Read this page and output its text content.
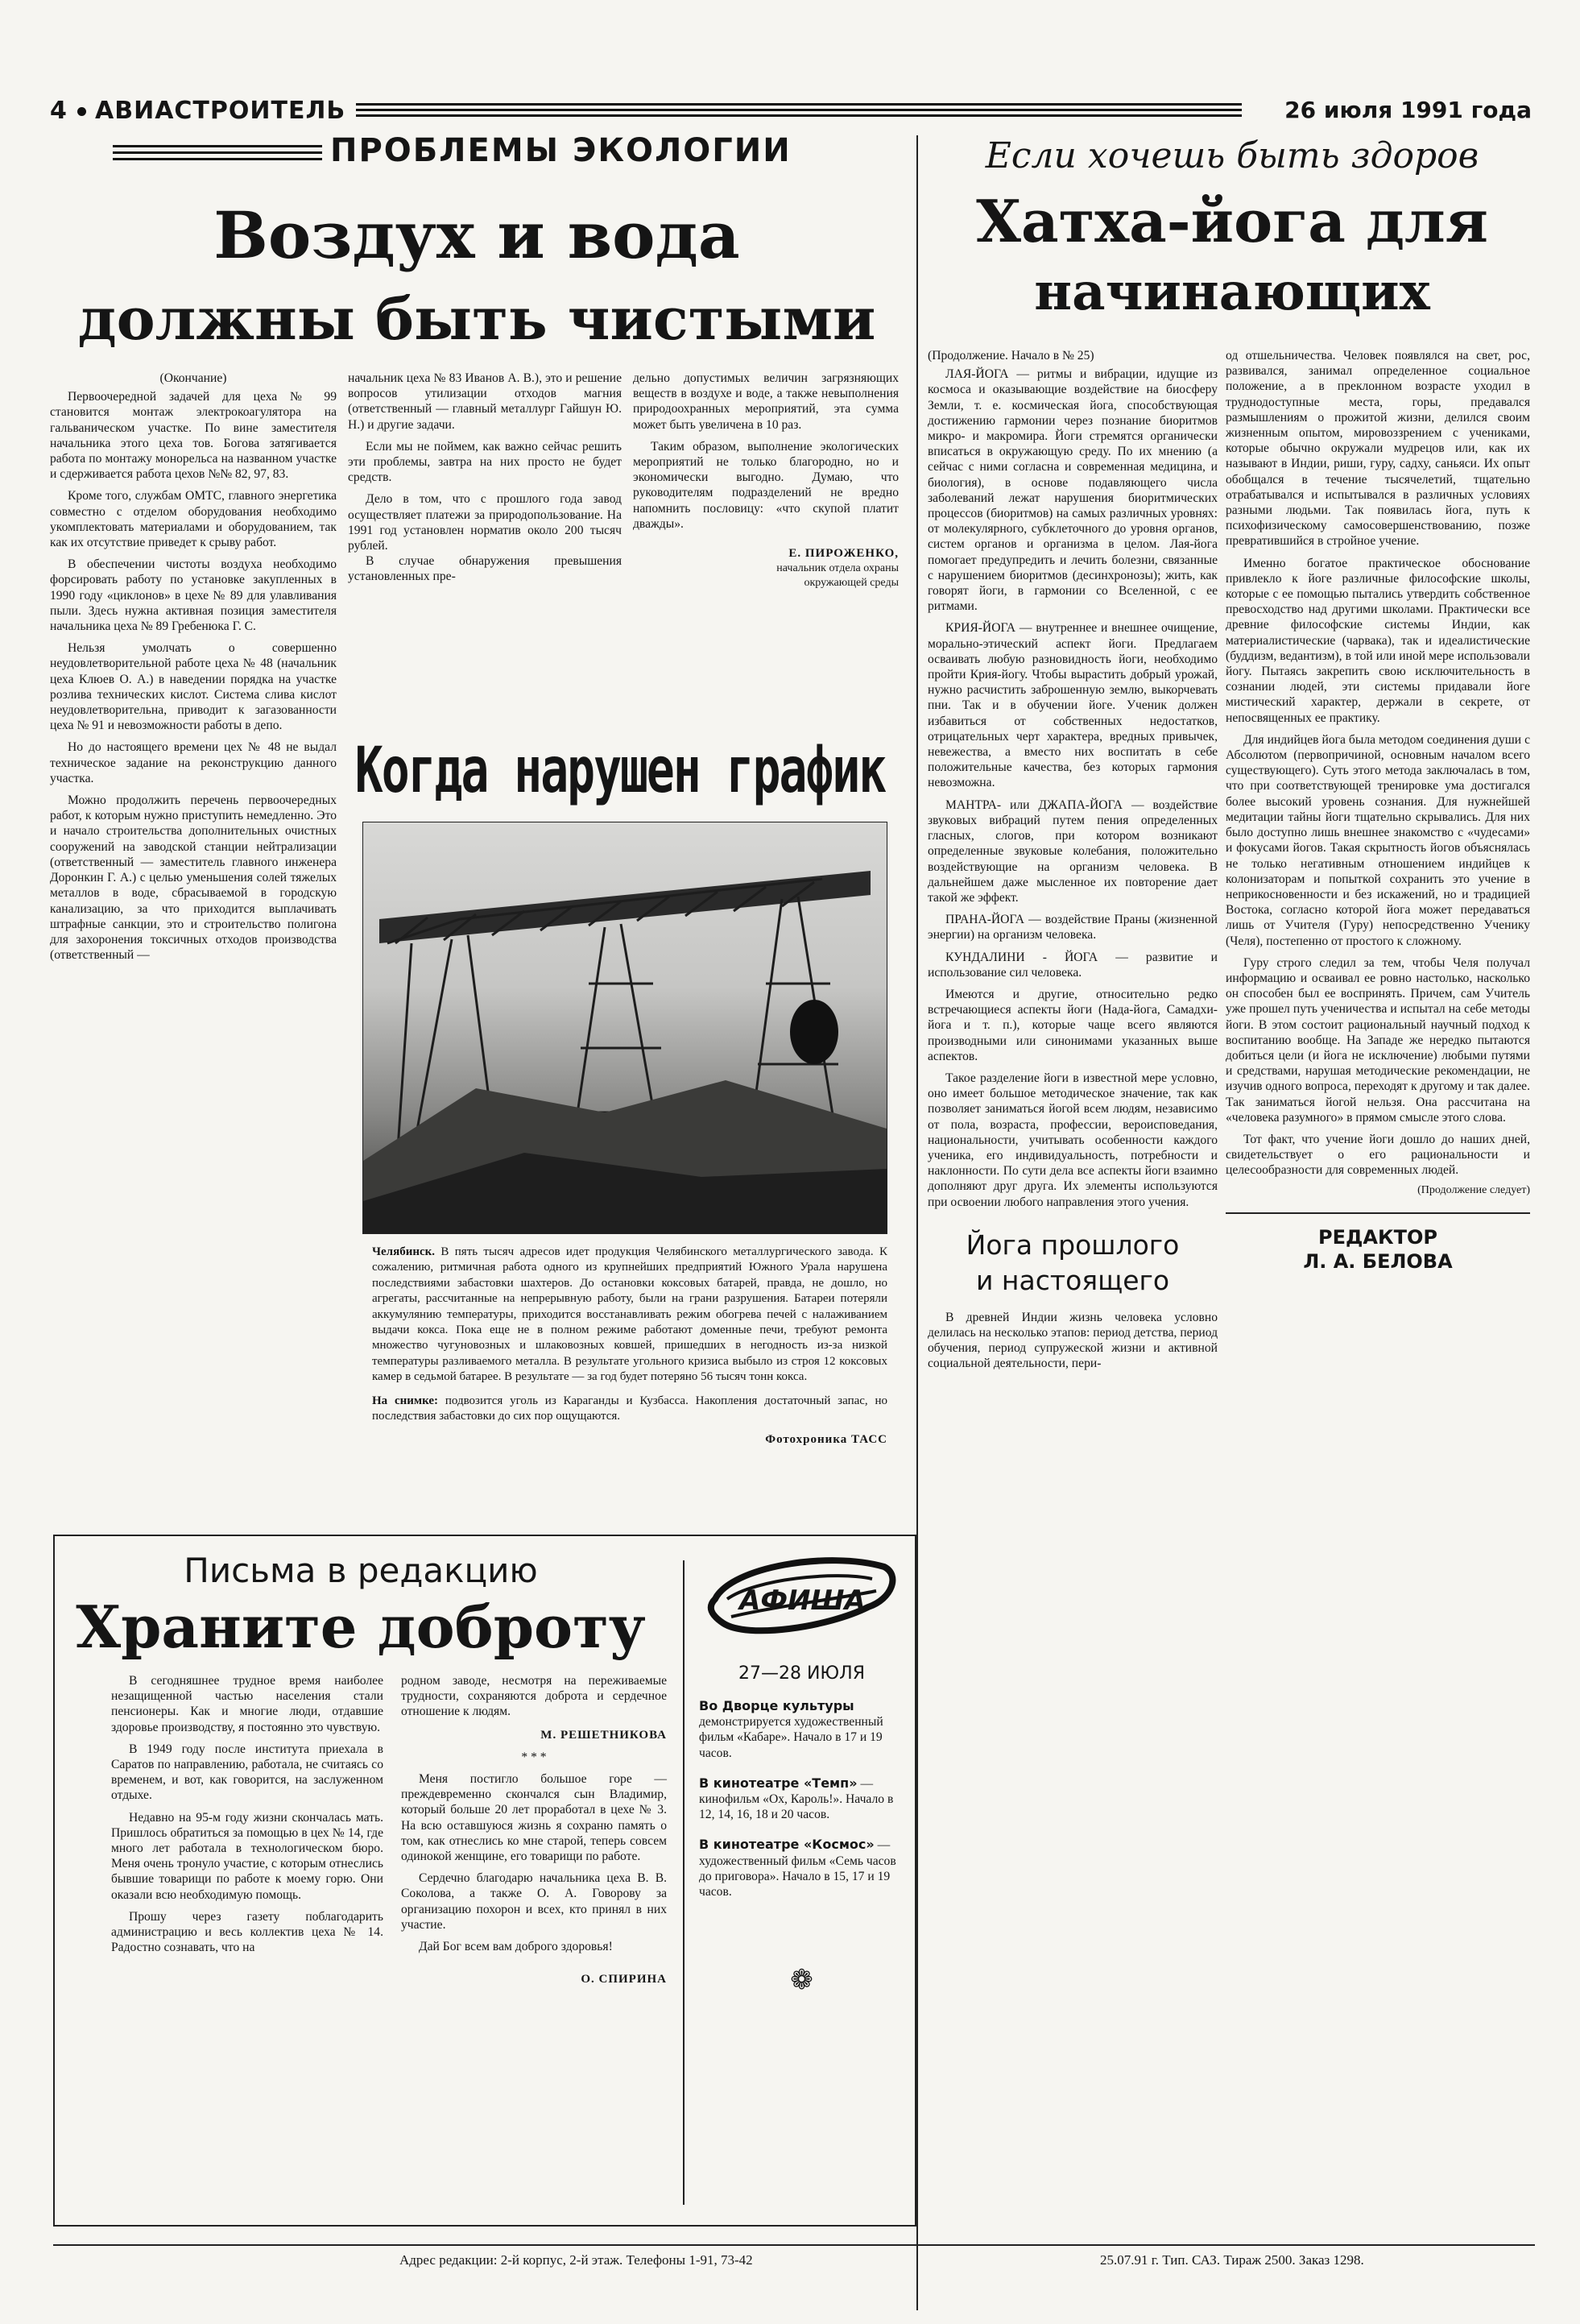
4 АВИАСТРОИТЕЛЬ	26 июля 1991 года
ПРОБЛЕМЫ ЭКОЛОГИИ
Воздух и вода
должны быть чистыми

(Окончание)

Первоочередной задачей для цеха № 99 становится монтаж электрокоагулятора на гальваническом участке. По вине заместителя начальника этого цеха тов. Богова затягивается работа по монтажу монорельса на названном участке и сдерживается работа цехов №№ 82, 97, 83.

Кроме того, службам ОМТС, главного энергетика совместно с отделом оборудования необходимо укомплектовать материалами и оборудованием, так как их отсутствие приведет к срыву работ.

В обеспечении чистоты воздуха необходимо форсировать работу по установке закупленных в 1990 году «циклонов» в цехе № 89 для улавливания пыли. Здесь нужна активная позиция заместителя начальника цеха № 89 Гребенюка Г. С.

Нельзя умолчать о совершенно неудовлетворительной работе цеха № 48 (начальник цеха Клюев О. А.) в наведении порядка на участке розлива технических кислот. Система слива кислот неудовлетворительна, приводит к загазованности цеха № 91 и невозможности работы в депо.

Но до настоящего времени цех № 48 не выдал техническое задание на реконструкцию данного участка.

Можно продолжить перечень первоочередных работ, к которым нужно приступить немедленно. Это и начало строительства дополнительных очистных сооружений на заводской станции нейтрализации (ответственный — заместитель главного инженера Доронкин Г. А.) с целью уменьшения солей тяжелых металлов в воде, сбрасываемой в городскую канализацию, за что приходится выплачивать штрафные санкции, это и строительство полигона для захоронения токсичных отходов производства (ответственный —

начальник цеха № 83 Иванов А. В.), это и решение вопросов утилизации отходов магния (ответственный — главный металлург Гайшун Ю. Н.) и другие задачи.

Если мы не поймем, как важно сейчас решить эти проблемы, завтра на них просто не будет средств.

Дело в том, что с прошлого года завод осуществляет платежи за природопользование. На 1991 год установлен норматив около 200 тысяч рублей.

В случае обнаружения превышения установленных пре-

дельно допустимых величин загрязняющих веществ в воздухе и воде, а также невыполнения природоохранных мероприятий, эта сумма может быть увеличена в 10 раз.

Таким образом, выполнение экологических мероприятий не только благородно, но и экономически выгодно. Думаю, что руководителям подразделений не вредно напомнить пословицу: «что скупой платит дважды».

Е. ПИРОЖЕНКО,
начальник отдела охраны
окружающей среды
Когда нарушен график
Челябинск. В пять тысяч адресов идет продукция Челябинского металлургического завода. К сожалению, ритмичная работа одного из крупнейших предприятий Южного Урала нарушена последствиями забастовки шахтеров. До остановки коксовых батарей, правда, не дошло, но агрегаты, рассчитанные на непрерывную работу, были на грани разрушения. Батареи потеряли аккумулянию температуры, приходится восстанавливать режим обогрева печей с налаживанием выдачи кокса. Пока еще не в полном режиме работают доменные печи, требуют ремонта множество чугуновозных и шлаковозных ковшей, пришедших в негодность из-за низкой температуры разливаемого металла. В результате угольного кризиса выбыло из строя 12 коксовых камер в седьмой батарее. В результате — за год будет потеряно 56 тысяч тонн кокса.
На снимке: подвозится уголь из Караганды и Кузбасса. Накопления достаточный запас, но последствия забастовки до сих пор ощущаются.
Фотохроника ТАСС
Письма в редакцию
Храните доброту

В сегодняшнее трудное время наиболее незащищенной частью населения стали пенсионеры. Как и многие люди, отдавшие здоровье производству, я постоянно это чувствую.

В 1949 году после института приехала в Саратов по направлению, работала, не считаясь со временем, и вот, как говорится, на заслуженном отдыхе.

Недавно на 95-м году жизни скончалась мать. Пришлось обратиться за помощью в цех № 14, где много лет работала в технологическом бюро. Меня очень тронуло участие, с которым отнеслись бывшие товарищи по работе к моему горю. Они оказали всю необходимую помощь.

Прошу через газету поблагодарить администрацию и весь коллектив цеха № 14. Радостно сознавать, что на

родном заводе, несмотря на переживаемые трудности, сохраняются доброта и сердечное отношение к людям.

М. РЕШЕТНИКОВА
* * *

Меня постигло большое горе — преждевременно скончался сын Владимир, который больше 20 лет проработал в цехе № 3. На всю оставшуюся жизнь я сохраню память о том, как отнеслись ко мне старой, теперь совсем одинокой женщине, его товарищи по работе.

Сердечно благодарю начальника цеха В. В. Соколова, а также О. А. Говорову за организацию похорон и всех, кто принял в них участие.

Дай Бог всем вам доброго здоровья!

О. СПИРИНА
АФИША
27—28 ИЮЛЯ
Во Дворце культуры демонстрируется художественный фильм «Кабаре». Начало в 17 и 19 часов.
В кинотеатре «Темп» — кинофильм «Ох, Кароль!». Начало в 12, 14, 16, 18 и 20 часов.
В кинотеатре «Космос» — художественный фильм «Семь часов до приговора». Начало в 15, 17 и 19 часов.
❁
Если хочешь быть здоров
Хатха-йога для
начинающих

(Продолжение. Начало в № 25)

ЛАЯ-ЙОГА — ритмы и вибрации, идущие из космоса и оказывающие воздействие на биосферу Земли, т. е. космическая йога, способствующая достижению гармонии через познание биоритмов микро- и макромира. Йоги стремятся органически вписаться в окружающую среду. По их мнению (а сейчас с ними согласна и современная медицина, и биология), в основе подавляющего числа заболеваний лежат нарушения биоритмических процессов (биоритмов) на самых различных уровнях: от молекулярного, субклеточного до уровня органов, систем органов и организма в целом. Лая-йога помогает предупредить и лечить болезни, связанные с нарушением биоритмов (десинхронозы); жить, как говорят йоги, в гармонии со Вселенной, с ее ритмами.

КРИЯ-ЙОГА — внутреннее и внешнее очищение, морально-этический аспект йоги. Предлагаем осваивать любую разновидность йоги, необходимо пройти Крия-йогу. Чтобы вырастить добрый урожай, нужно расчистить заброшенную землю, выкорчевать пни. Так и в обучении йоге. Ученик должен избавиться от собственных недостатков, отрицательных черт характера, вредных привычек, невежества, а вместо них воспитать в себе положительные качества, без которых гармония невозможна.

МАНТРА- или ДЖАПА-ЙОГА — воздействие звуковых вибраций путем пения определенных гласных, слогов, при котором возникают определенные звуковые колебания, положительно воздействующие на организм человека. В дальнейшем даже мысленное их повторение дает такой же эффект.

ПРАНА-ЙОГА — воздействие Праны (жизненной энергии) на организм человека.

КУНДАЛИНИ - ЙОГА — развитие и использование сил человека.

Имеются и другие, относительно редко встречающиеся аспекты йоги (Нада-йога, Самадхи-йога и т. п.), которые чаще всего являются производными или синонимами указанных выше аспектов.

Такое разделение йоги в известной мере условно, оно имеет большое методическое значение, так как позволяет заниматься йогой всем людям, независимо от пола, возраста, профессии, вероисповедания, национальности, учитывать особенности каждого ученика, его индивидуальность, потребности и наклонности. По сути дела все аспекты йоги взаимно дополняют друг друга. Их элементы используются при освоении любого направления этого учения.

Йога прошлого
и настоящего

В древней Индии жизнь человека условно делилась на несколько этапов: период детства, период обучения, период супружеской жизни и активной социальной деятельности, пери-

од отшельничества. Человек появлялся на свет, рос, развивался, занимал определенное социальное положение, а в преклонном возрасте уходил в труднодоступные места, горы, предавался размышлениям о прожитой жизни, делился своим жизненным опытом, мировоззрением с учениками, которые обычно окружали мудрецов или, как их называют в Индии, риши, гуру, садху, саньяси. Их опыт обобщался в течение тысячелетий, тщательно отрабатывался и испытывался в различных условиях разными людьми. Так появилась йога, путь к психофизическому самосовершенствованию, позже превратившийся в стройное учение.

Именно богатое практическое обоснование привлекло к йоге различные философские школы, которые с ее помощью пытались утвердить собственное превосходство над другими школами. Практически все древние философские системы Индии, как материалистические (чарвака), так и идеалистические (буддизм, ведантизм), в той или иной мере использовали йогу. Пытаясь закрепить свою исключительность в сознании людей, эти системы придавали йоге мистический характер, держали в секрете, от непосвященных ее практику.

Для индийцев йога была методом соединения души с Абсолютом (первопричиной, основным началом всего существующего). Суть этого метода заключалась в том, что при соответствующей тренировке ума достигался более высокий уровень сознания. Для нужнейшей медитации тайны йоги тщательно скрывались. Для них было доступно лишь внешнее знакомство с «чудесами» и фокусами йогов. Такая скрытность йогов объяснялась не только негативным отношением индийцев к колонизаторам и попыткой сохранить это учение в неприкосновенности и без искажений, но и традицией Востока, согласно которой йога может передаваться лишь от Учителя (Гуру) непосредственно Ученику (Челя), постепенно от простого к сложному.

Гуру строго следил за тем, чтобы Челя получал информацию и осваивал ее ровно настолько, насколько он способен был ее воспринять. Причем, сам Учитель уже прошел путь ученичества и испытал на себе методы йоги. В этом состоит рациональный научный подход к воспитанию вообще. На Западе же нередко пытаются добиться цели (и йога не исключение) любыми путями и средствами, нарушая методические рекомендации, не изучив одного вопроса, переходят к другому и так далее. Так заниматься йогой нельзя. Она рассчитана на «человека разумного» в прямом смысле этого слова.

Тот факт, что учение йоги дошло до наших дней, свидетельствует о его рациональности и целесообразности для современных людей.

(Продолжение следует)
РЕДАКТОР
Л. А. БЕЛОВА
Адрес редакции: 2-й корпус, 2-й этаж. Телефоны 1-91, 73-42	25.07.91 г. Тип. САЗ. Тираж 2500. Заказ 1298.
